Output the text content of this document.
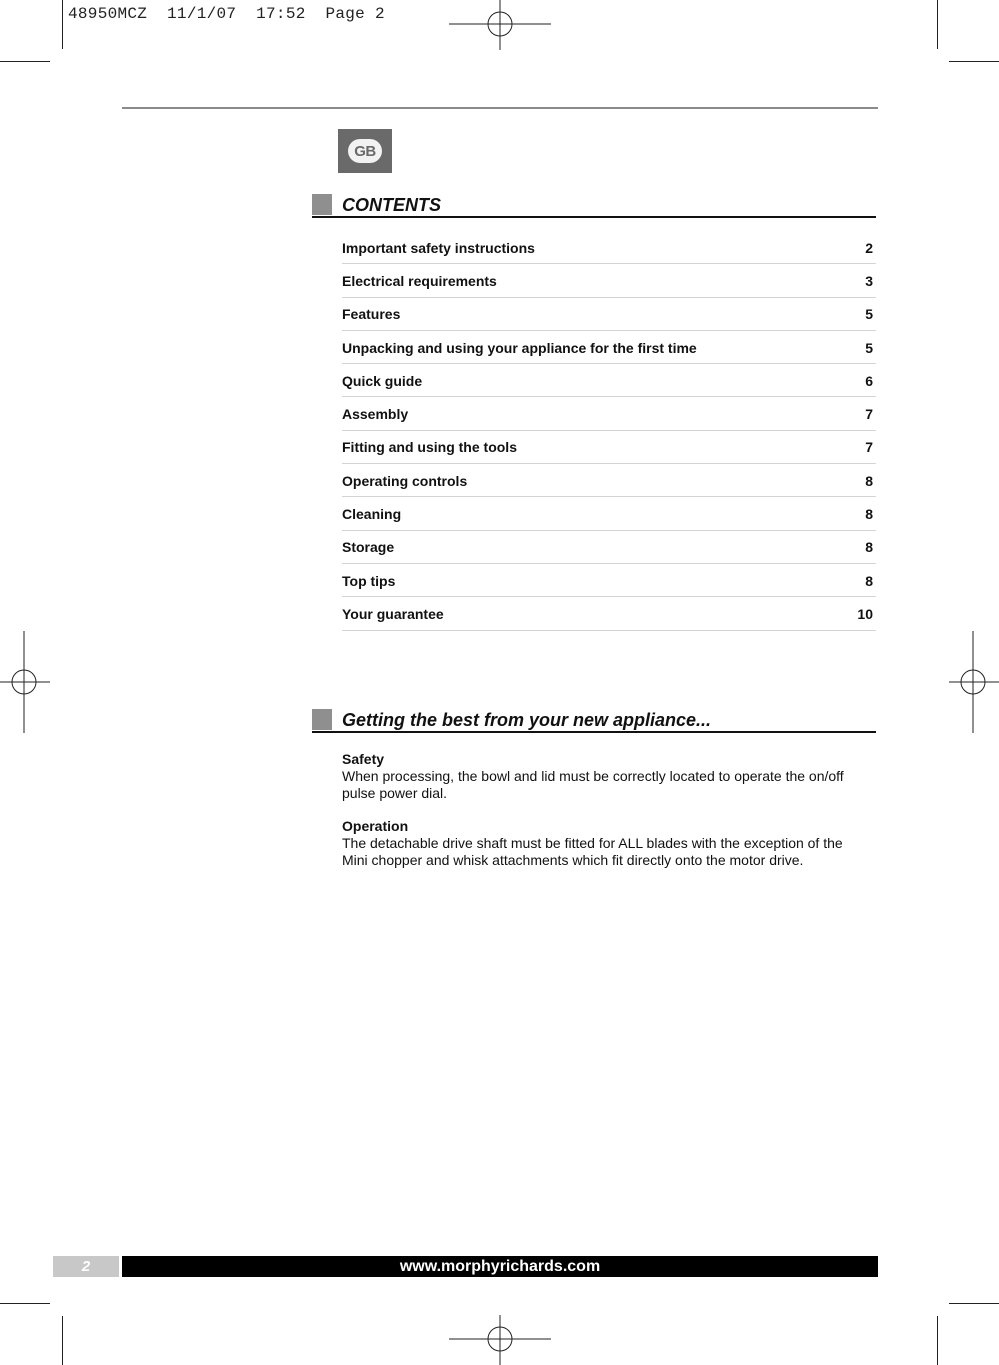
48950MCZ  11/1/07  17:52  Page 2
GB
CONTENTS
Important safety instructions	2
Electrical requirements	3
Features	5
Unpacking and using your appliance for the first time	5
Quick guide	6
Assembly	7
Fitting and using the tools	7
Operating controls	8
Cleaning	8
Storage	8
Top tips	8
Your guarantee	10
Getting the best from your new appliance...
Safety
When processing, the bowl and lid must be correctly located to operate the on/off pulse power dial.
Operation
The detachable drive shaft must be fitted for ALL blades with the exception of the Mini chopper and whisk attachments which fit directly onto the motor drive.
2	www.morphyrichards.com
